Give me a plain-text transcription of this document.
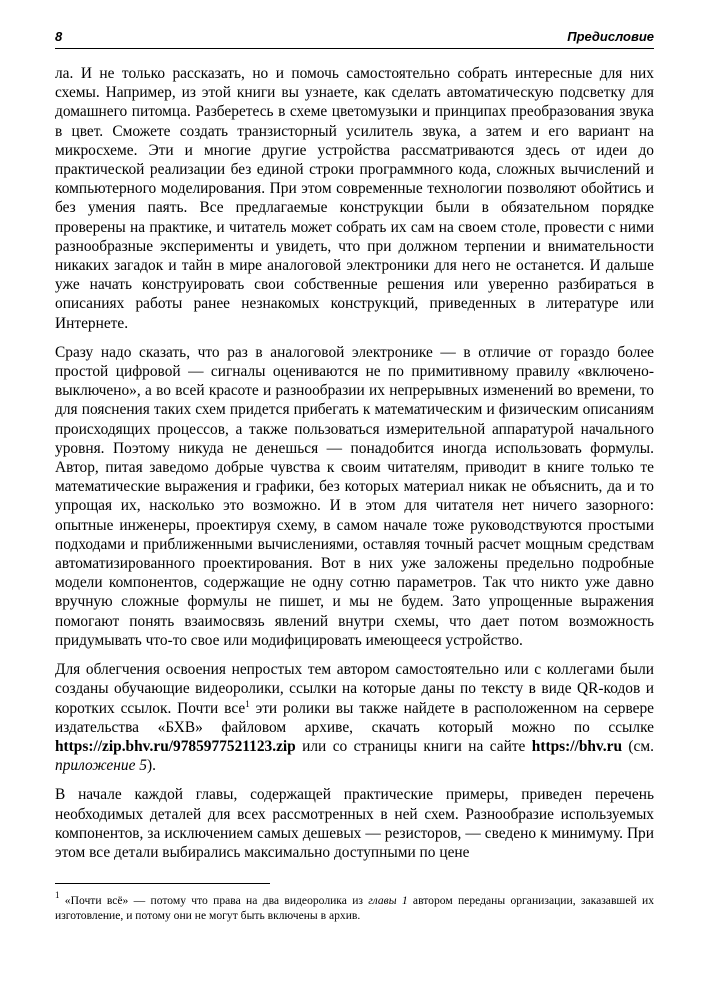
8	Предисловие

ла. И не только рассказать, но и помочь самостоятельно собрать интересные для них схемы. Например, из этой книги вы узнаете, как сделать автоматическую подсветку для домашнего питомца. Разберетесь в схеме цветомузыки и принципах преобразования звука в цвет. Сможете создать транзисторный усилитель звука, а затем и его вариант на микросхеме. Эти и многие другие устройства рассматриваются здесь от идеи до практической реализации без единой строки программного кода, сложных вычислений и компьютерного моделирования. При этом современные технологии позволяют обойтись и без умения паять. Все предлагаемые конструкции были в обязательном порядке проверены на практике, и читатель может собрать их сам на своем столе, провести с ними разнообразные эксперименты и увидеть, что при должном терпении и внимательности никаких загадок и тайн в мире аналоговой электроники для него не останется. И дальше уже начать конструировать свои собственные решения или уверенно разбираться в описаниях работы ранее незнакомых конструкций, приведенных в литературе или Интернете.

Сразу надо сказать, что раз в аналоговой электронике — в отличие от гораздо более простой цифровой — сигналы оцениваются не по примитивному правилу «включено-выключено», а во всей красоте и разнообразии их непрерывных изменений во времени, то для пояснения таких схем придется прибегать к математическим и физическим описаниям происходящих процессов, а также пользоваться измерительной аппаратурой начального уровня. Поэтому никуда не денешься — понадобится иногда использовать формулы. Автор, питая заведомо добрые чувства к своим читателям, приводит в книге только те математические выражения и графики, без которых материал никак не объяснить, да и то упрощая их, насколько это возможно. И в этом для читателя нет ничего зазорного: опытные инженеры, проектируя схему, в самом начале тоже руководствуются простыми подходами и приближенными вычислениями, оставляя точный расчет мощным средствам автоматизированного проектирования. Вот в них уже заложены предельно подробные модели компонентов, содержащие не одну сотню параметров. Так что никто уже давно вручную сложные формулы не пишет, и мы не будем. Зато упрощенные выражения помогают понять взаимосвязь явлений внутри схемы, что дает потом возможность придумывать что-то свое или модифицировать имеющееся устройство.

Для облегчения освоения непростых тем автором самостоятельно или с коллегами были созданы обучающие видеоролики, ссылки на которые даны по тексту в виде QR-кодов и коротких ссылок. Почти все$^1$ эти ролики вы также найдете в расположенном на сервере издательства «БХВ» файловом архиве, скачать который можно по ссылке https://zip.bhv.ru/9785977521123.zip или со страницы книги на сайте https://bhv.ru (см. приложение 5).

В начале каждой главы, содержащей практические примеры, приведен перечень необходимых деталей для всех рассмотренных в ней схем. Разнообразие используемых компонентов, за исключением самых дешевых — резисторов, — сведено к минимуму. При этом все детали выбирались максимально доступными по цене

$^1$ «Почти всё» — потому что права на два видеоролика из главы 1 автором переданы организации, заказавшей их изготовление, и потому они не могут быть включены в архив.
